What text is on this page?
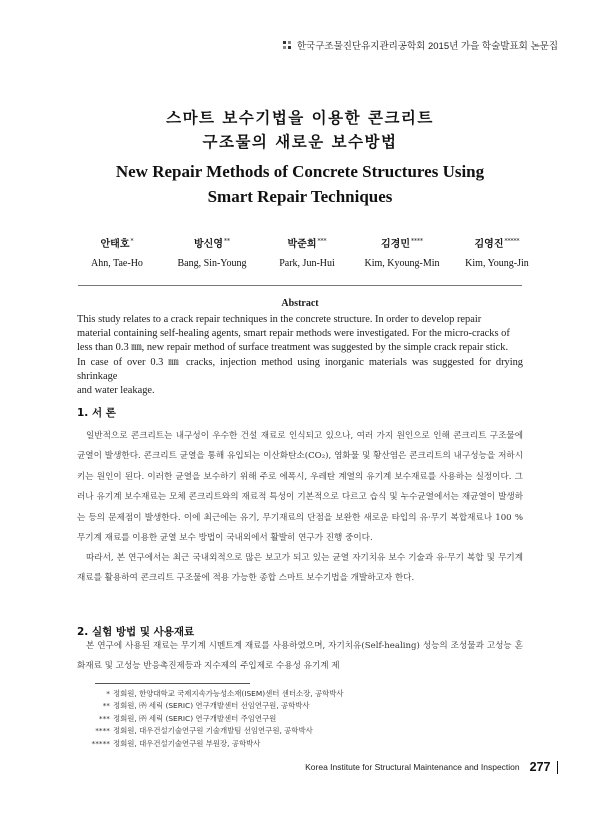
한국구조물진단유지관리공학회 2015년 가을 학술발표회 논문집
스마트 보수기법을 이용한 콘크리트
구조물의 새로운 보수방법
New Repair Methods of Concrete Structures Using
Smart Repair Techniques
안태호*
Ahn, Tae-Ho
방신영**
Bang, Sin-Young
박준희***
Park, Jun-Hui
김경민****
Kim, Kyoung-Min
김영진*****
Kim, Young-Jin
Abstract
This study relates to a crack repair techniques in the concrete structure. In order to develop repair
material containing self-healing agents, smart repair methods were investigated. For the micro-cracks of
less than 0.3 ㎜, new repair method of surface treatment was suggested by the simple crack repair stick.
In case of over 0.3 ㎜ cracks, injection method using inorganic materials was suggested for drying shrinkage
and water leakage.
1. 서 론
일반적으로 콘크리트는 내구성이 우수한 건설 재료로 인식되고 있으나, 여러 가지 원인으로 인해 콘크리트 구조물에 균열이 발생한다. 콘크리트 균열을 통해 유입되는 이산화탄소(CO₂), 염화물 및 황산염은 콘크리트의 내구성능을 저하시키는 원인이 된다. 이러한 균열을 보수하기 위해 주로 에폭시, 우레탄 계열의 유기계 보수재료를 사용하는 실정이다. 그러나 유기계 보수재료는 모체 콘크리트와의 재료적 특성이 기본적으로 다르고 습식 및 누수균열에서는 재균열이 발생하는 등의 문제점이 발생한다. 이에 최근에는 유기, 무기재료의 단점을 보완한 새로운 타입의 유·무기 복합재료나 100 % 무기계 재료를 이용한 균열 보수 방법이 국내외에서 활발히 연구가 진행 중이다.
따라서, 본 연구에서는 최근 국내외적으로 많은 보고가 되고 있는 균열 자기치유 보수 기술과 유·무기 복합 및 무기계 재료를 활용하여 콘크리트 구조물에 적용 가능한 종합 스마트 보수기법을 개발하고자 한다.
2. 실험 방법 및 사용재료
본 연구에 사용된 재료는 무기계 시멘트계 재료를 사용하였으며, 자기치유(Self-healing) 성능의 조성물과 고성능 혼화재료 및 고성능 반응촉진제등과 지수제의 주입제로 수용성 유기계 제
* 정회원, 한양대학교 국제지속가능성소재(ISEM)센터 센터소장, 공학박사
** 정회원, ㈜ 세릭 (SERIC) 연구개발센터 선임연구원, 공학박사
*** 정회원, ㈜ 세릭 (SERIC) 연구개발센터 주임연구원
**** 정회원, 대우건설기술연구원 기술개발팀 선임연구원, 공학박사
***** 정회원, 대우건설기술연구원 부원장, 공학박사
Korea Institute for Structural Maintenance and Inspection 277
